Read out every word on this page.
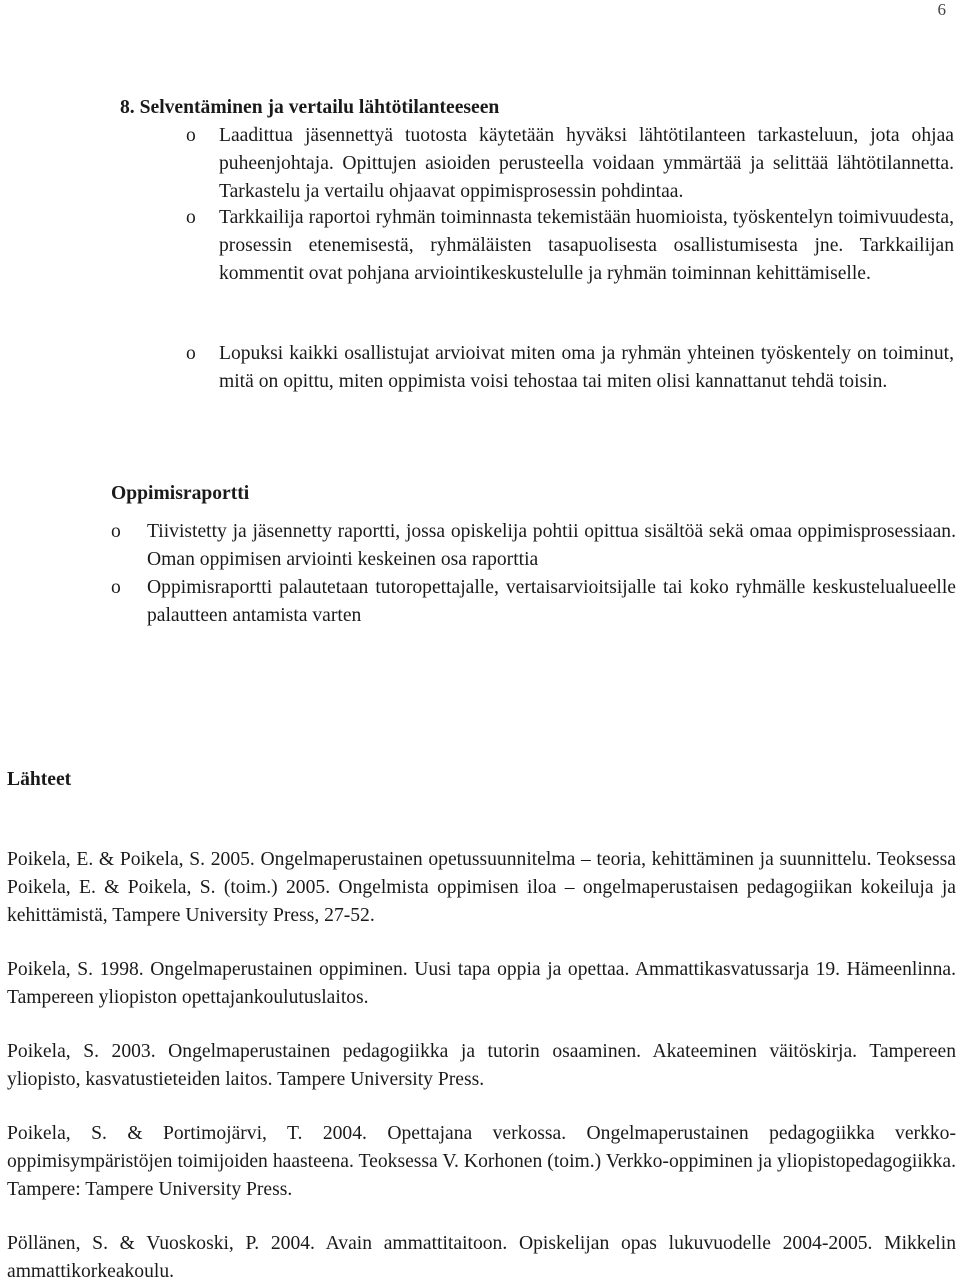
6
8. Selventäminen ja vertailu lähtötilanteeseen
o Laadittua jäsennettyä tuotosta käytetään hyväksi lähtötilanteen tarkasteluun, jota ohjaa puheenjohtaja. Opittujen asioiden perusteella voidaan ymmärtää ja selittää lähtötilannetta. Tarkastelu ja vertailu ohjaavat oppimisprosessin pohdintaa.
o Tarkkailija raportoi ryhmän toiminnasta tekemistään huomioista, työskentelyn toimivuudesta, prosessin etenemisestä, ryhmäläisten tasapuolisesta osallistumisesta jne. Tarkkailijan kommentit ovat pohjana arviointikeskustelulle ja ryhmän toiminnan kehittämiselle.
o Lopuksi kaikki osallistujat arvioivat miten oma ja ryhmän yhteinen työskentely on toiminut, mitä on opittu, miten oppimista voisi tehostaa tai miten olisi kannattanut tehdä toisin.
Oppimisraportti
o Tiivistetty ja jäsennetty raportti, jossa opiskelija pohtii opittua sisältöä sekä omaa oppimisprosessiaan. Oman oppimisen arviointi keskeinen osa raporttia
o Oppimisraportti palautetaan tutoropettajalle, vertaisarvioitsijalle tai koko ryhmälle keskustelualueelle palautteen antamista varten
Lähteet
Poikela, E. & Poikela, S. 2005. Ongelmaperustainen opetussuunnitelma – teoria, kehittäminen ja suunnittelu. Teoksessa Poikela, E. & Poikela, S. (toim.) 2005. Ongelmista oppimisen iloa – ongelmaperustaisen pedagogiikan kokeiluja ja kehittämistä, Tampere University Press, 27-52.
Poikela, S. 1998. Ongelmaperustainen oppiminen. Uusi tapa oppia ja opettaa. Ammattikasvatussarja 19. Hämeenlinna. Tampereen yliopiston opettajankoulutuslaitos.
Poikela, S. 2003. Ongelmaperustainen pedagogiikka ja tutorin osaaminen. Akateeminen väitöskirja. Tampereen yliopisto, kasvatustieteiden laitos. Tampere University Press.
Poikela, S. & Portimojärvi, T. 2004. Opettajana verkossa. Ongelmaperustainen pedagogiikka verkko-oppimisympäristöjen toimijoiden haasteena. Teoksessa V. Korhonen (toim.) Verkko-oppiminen ja yliopistopedagogiikka. Tampere: Tampere University Press.
Pöllänen, S. & Vuoskoski, P. 2004. Avain ammattitaitoon. Opiskelijan opas lukuvuodelle 2004-2005. Mikkelin ammattikorkeakoulu.
